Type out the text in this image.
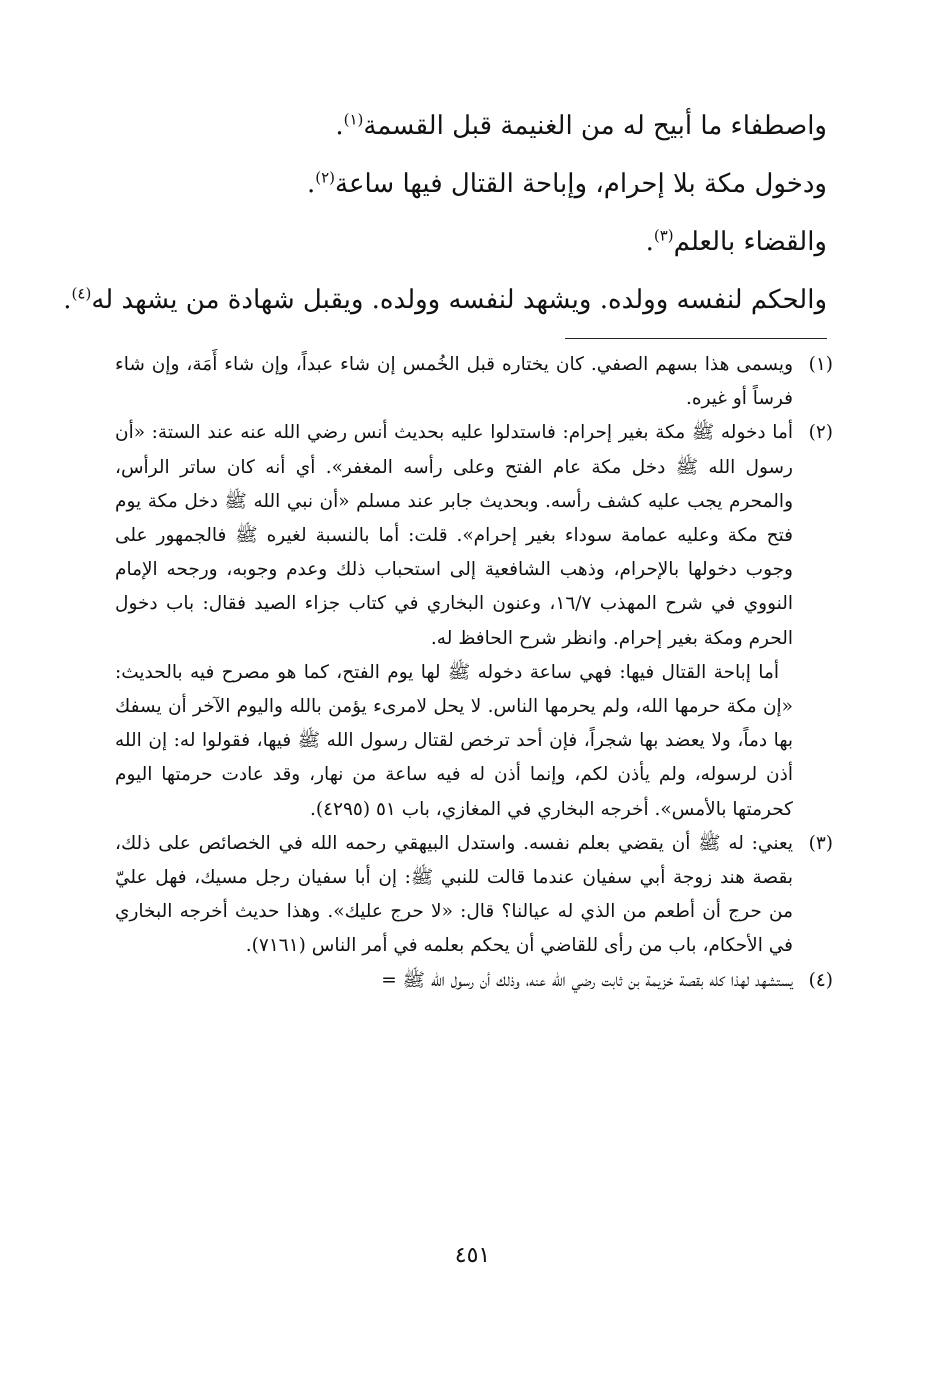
واصطفاء ما أبيح له من الغنيمة قبل القسمة$^{(١)}$.
ودخول مكة بلا إحرام، وإباحة القتال فيها ساعة$^{(٢)}$.
والقضاء بالعلم$^{(٣)}$.
والحكم لنفسه وولده. ويشهد لنفسه وولده. ويقبل شهادة من يشهد له$^{(٤)}$.

(١)ويسمى هذا بسهم الصفي. كان يختاره قبل الخُمس إن شاء عبداً، وإن شاء أَمَة، وإن شاء فرساً أو غيره.

(٢)أما دخوله ﷺ مكة بغير إحرام: فاستدلوا عليه بحديث أنس رضي الله عنه عند الستة: «أن رسول الله ﷺ دخل مكة عام الفتح وعلى رأسه المغفر». أي أنه كان ساتر الرأس، والمحرم يجب عليه كشف رأسه. وبحديث جابر عند مسلم «أن نبي الله ﷺ دخل مكة يوم فتح مكة وعليه عمامة سوداء بغير إحرام». قلت: أما بالنسبة لغيره ﷺ فالجمهور على وجوب دخولها بالإحرام، وذهب الشافعية إلى استحباب ذلك وعدم وجوبه، ورجحه الإمام النووي في شرح المهذب ١٦/٧، وعنون البخاري في كتاب جزاء الصيد فقال: باب دخول الحرم ومكة بغير إحرام. وانظر شرح الحافظ له.

أما إباحة القتال فيها: فهي ساعة دخوله ﷺ لها يوم الفتح، كما هو مصرح فيه بالحديث: «إن مكة حرمها الله، ولم يحرمها الناس. لا يحل لامرىء يؤمن بالله واليوم الآخر أن يسفك بها دماً، ولا يعضد بها شجراً، فإن أحد ترخص لقتال رسول الله ﷺ فيها، فقولوا له: إن الله أذن لرسوله، ولم يأذن لكم، وإنما أذن له فيه ساعة من نهار، وقد عادت حرمتها اليوم كحرمتها بالأمس». أخرجه البخاري في المغازي، باب ٥١ (٤٢٩٥).

(٣)يعني: له ﷺ أن يقضي بعلم نفسه. واستدل البيهقي رحمه الله في الخصائص على ذلك، بقصة هند زوجة أبي سفيان عندما قالت للنبي ﷺ: إن أبا سفيان رجل مسيك، فهل عليّ من حرج أن أطعم من الذي له عيالنا؟ قال: «لا حرج عليك». وهذا حديث أخرجه البخاري في الأحكام، باب من رأى للقاضي أن يحكم بعلمه في أمر الناس (٧١٦١).

(٤)يستشهد لهذا كله بقصة خزيمة بن ثابت رضي الله عنه، وذلك أن رسول الله ﷺ =

٤٥١
